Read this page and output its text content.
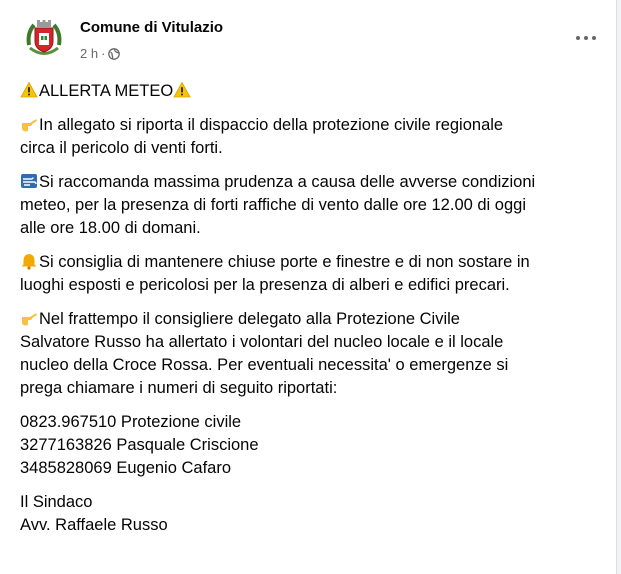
Comune di Vitulazio
2 h ·

ALLERTA METEO

In allegato si riporta il dispaccio della protezione civile regionale
circa il pericolo di venti forti.

Si raccomanda massima prudenza a causa delle avverse condizioni
meteo, per la presenza di forti raffiche di vento dalle ore 12.00 di oggi
alle ore 18.00 di domani.

Si consiglia di mantenere chiuse porte e finestre e di non sostare in
luoghi esposti e pericolosi per la presenza di alberi e edifici precari.

Nel frattempo il consigliere delegato alla Protezione Civile
Salvatore Russo ha allertato i volontari del nucleo locale e il locale
nucleo della Croce Rossa. Per eventuali necessita' o emergenze si
prega chiamare i numeri di seguito riportati:

0823.967510 Protezione civile
3277163826 Pasquale Criscione
3485828069 Eugenio Cafaro

Il Sindaco
Avv. Raffaele Russo
